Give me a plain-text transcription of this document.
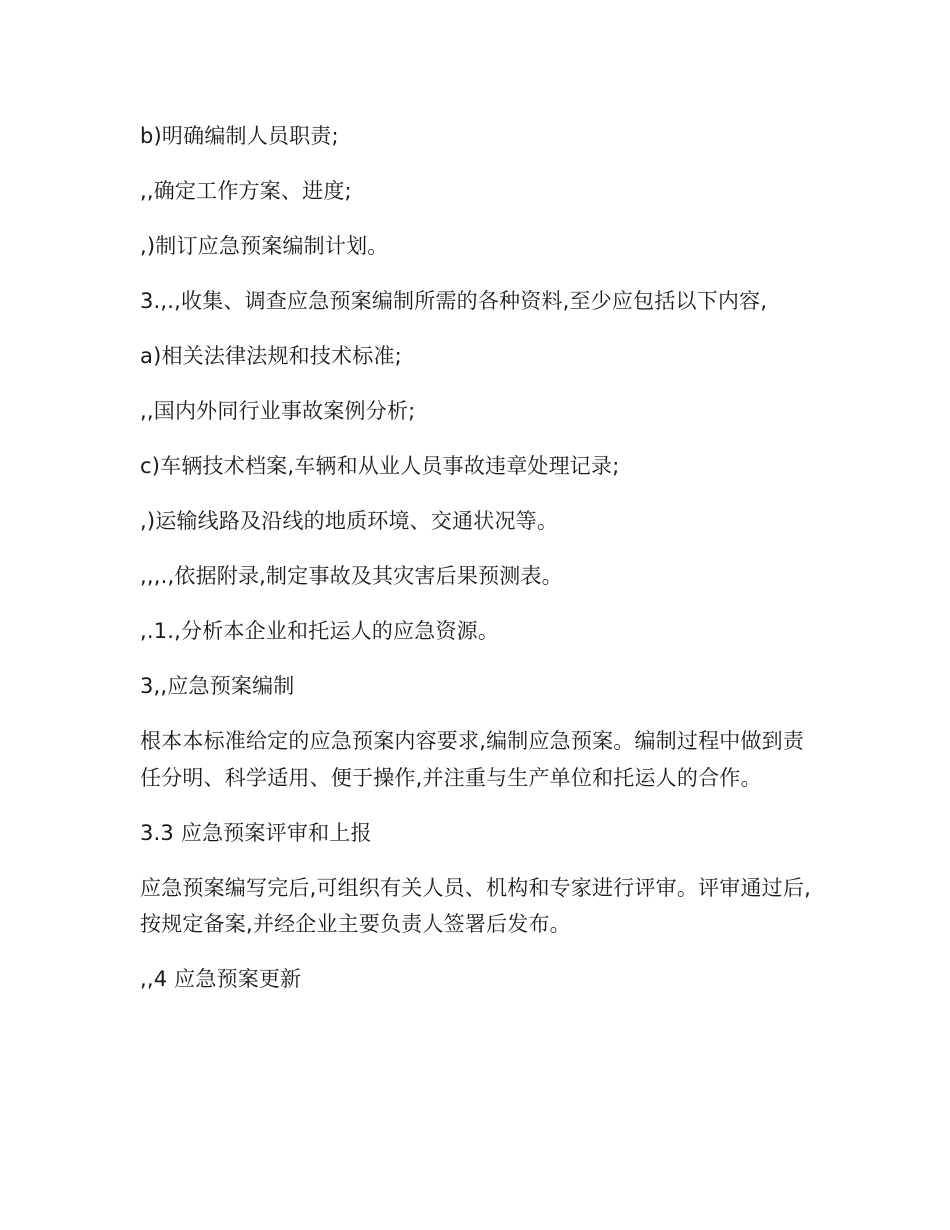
b)明确编制人员职责;

,,确定工作方案、进度;

,)制订应急预案编制计划。

3.,.,收集、调查应急预案编制所需的各种资料,至少应包括以下内容,

a)相关法律法规和技术标准;

,,国内外同行业事故案例分析;

c)车辆技术档案,车辆和从业人员事故违章处理记录;

,)运输线路及沿线的地质环境、交通状况等。

,,,.,依据附录,制定事故及其灾害后果预测表。

,.1.,分析本企业和托运人的应急资源。

3,,应急预案编制

根本本标准给定的应急预案内容要求,编制应急预案。编制过程中做到责任分明、科学适用、便于操作,并注重与生产单位和托运人的合作。

3.3 应急预案评审和上报

应急预案编写完后,可组织有关人员、机构和专家进行评审。评审通过后,按规定备案,并经企业主要负责人签署后发布。

,,4 应急预案更新
